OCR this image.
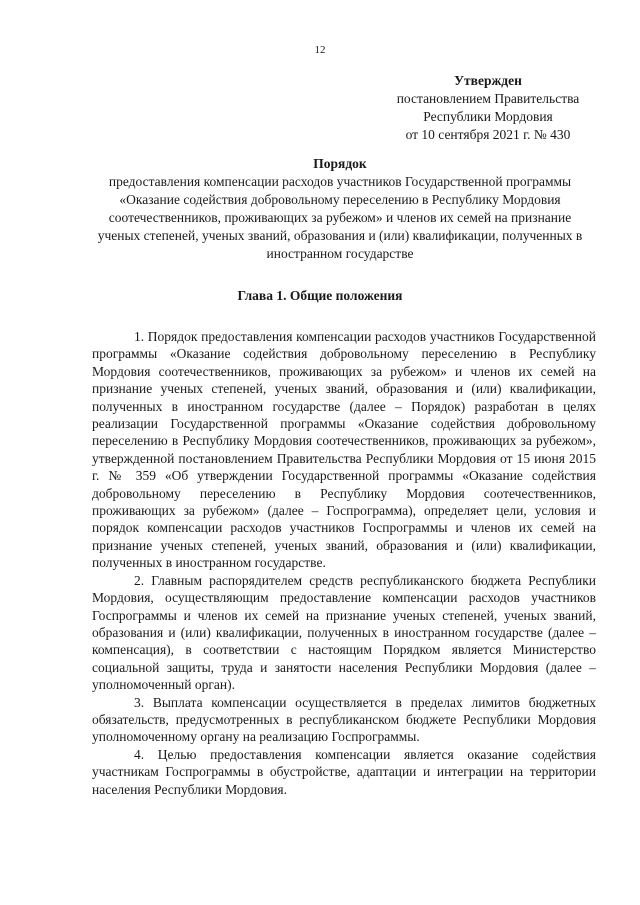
12
Утвержден
постановлением Правительства
Республики Мордовия
от 10 сентября 2021 г. № 430
Порядок
предоставления компенсации расходов участников Государственной программы «Оказание содействия добровольному переселению в Республику Мордовия соотечественников, проживающих за рубежом» и членов их семей на признание ученых степеней, ученых званий, образования и (или) квалификации, полученных в иностранном государстве
Глава 1. Общие положения

1. Порядок предоставления компенсации расходов участников Государственной программы «Оказание содействия добровольному переселению в Республику Мордовия соотечественников, проживающих за рубежом» и членов их семей на признание ученых степеней, ученых званий, образования и (или) квалификации, полученных в иностранном государстве (далее – Порядок) разработан в целях реализации Государственной программы «Оказание содействия добровольному переселению в Республику Мордовия соотечественников, проживающих за рубежом», утвержденной постановлением Правительства Республики Мордовия от 15 июня 2015 г. № 359 «Об утверждении Государственной программы «Оказание содействия добровольному переселению в Республику Мордовия соотечественников, проживающих за рубежом» (далее – Госпрограмма), определяет цели, условия и порядок компенсации расходов участников Госпрограммы и членов их семей на признание ученых степеней, ученых званий, образования и (или) квалификации, полученных в иностранном государстве.

2. Главным распорядителем средств республиканского бюджета Республики Мордовия, осуществляющим предоставление компенсации расходов участников Госпрограммы и членов их семей на признание ученых степеней, ученых званий, образования и (или) квалификации, полученных в иностранном государстве (далее – компенсация), в соответствии с настоящим Порядком является Министерство социальной защиты, труда и занятости населения Республики Мордовия (далее – уполномоченный орган).

3. Выплата компенсации осуществляется в пределах лимитов бюджетных обязательств, предусмотренных в республиканском бюджете Республики Мордовия уполномоченному органу на реализацию Госпрограммы.

4. Целью предоставления компенсации является оказание содействия участникам Госпрограммы в обустройстве, адаптации и интеграции на территории населения Республики Мордовия.
